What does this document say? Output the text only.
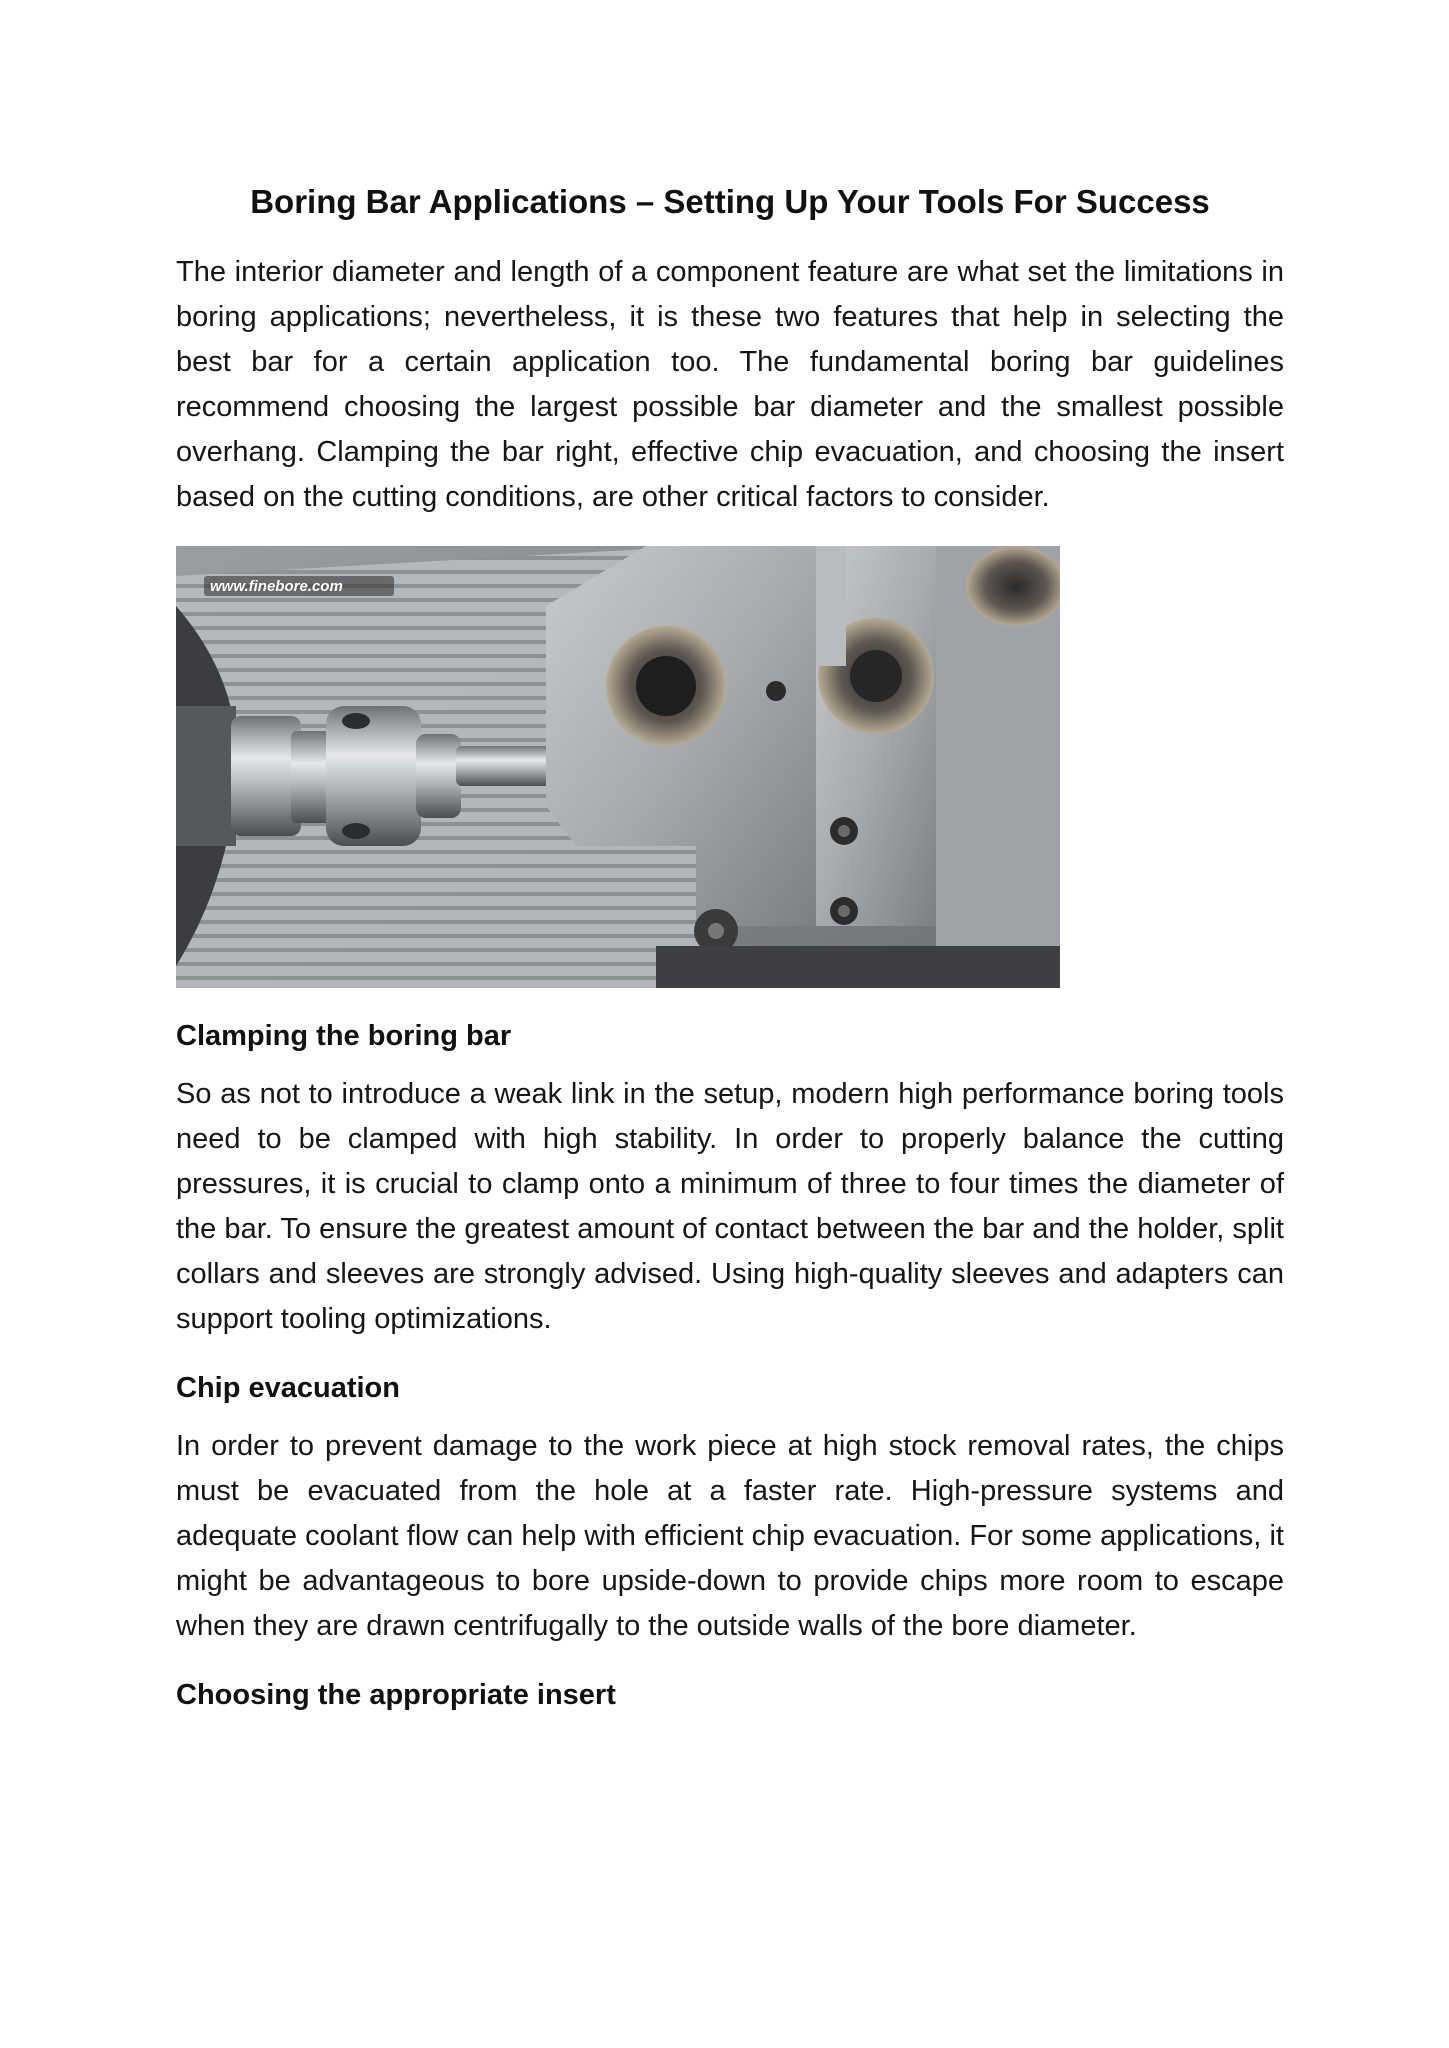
Boring Bar Applications – Setting Up Your Tools For Success

The interior diameter and length of a component feature are what set the limitations in boring applications; nevertheless, it is these two features that help in selecting the best bar for a certain application too. The fundamental boring bar guidelines recommend choosing the largest possible bar diameter and the smallest possible overhang. Clamping the bar right, effective chip evacuation, and choosing the insert based on the cutting conditions, are other critical factors to consider.

www.finebore.com
Clamping the boring bar

So as not to introduce a weak link in the setup, modern high performance boring tools need to be clamped with high stability. In order to properly balance the cutting pressures, it is crucial to clamp onto a minimum of three to four times the diameter of the bar. To ensure the greatest amount of contact between the bar and the holder, split collars and sleeves are strongly advised. Using high-quality sleeves and adapters can support tooling optimizations.

Chip evacuation

In order to prevent damage to the work piece at high stock removal rates, the chips must be evacuated from the hole at a faster rate. High-pressure systems and adequate coolant flow can help with efficient chip evacuation. For some applications, it might be advantageous to bore upside-down to provide chips more room to escape when they are drawn centrifugally to the outside walls of the bore diameter.

Choosing the appropriate insert
